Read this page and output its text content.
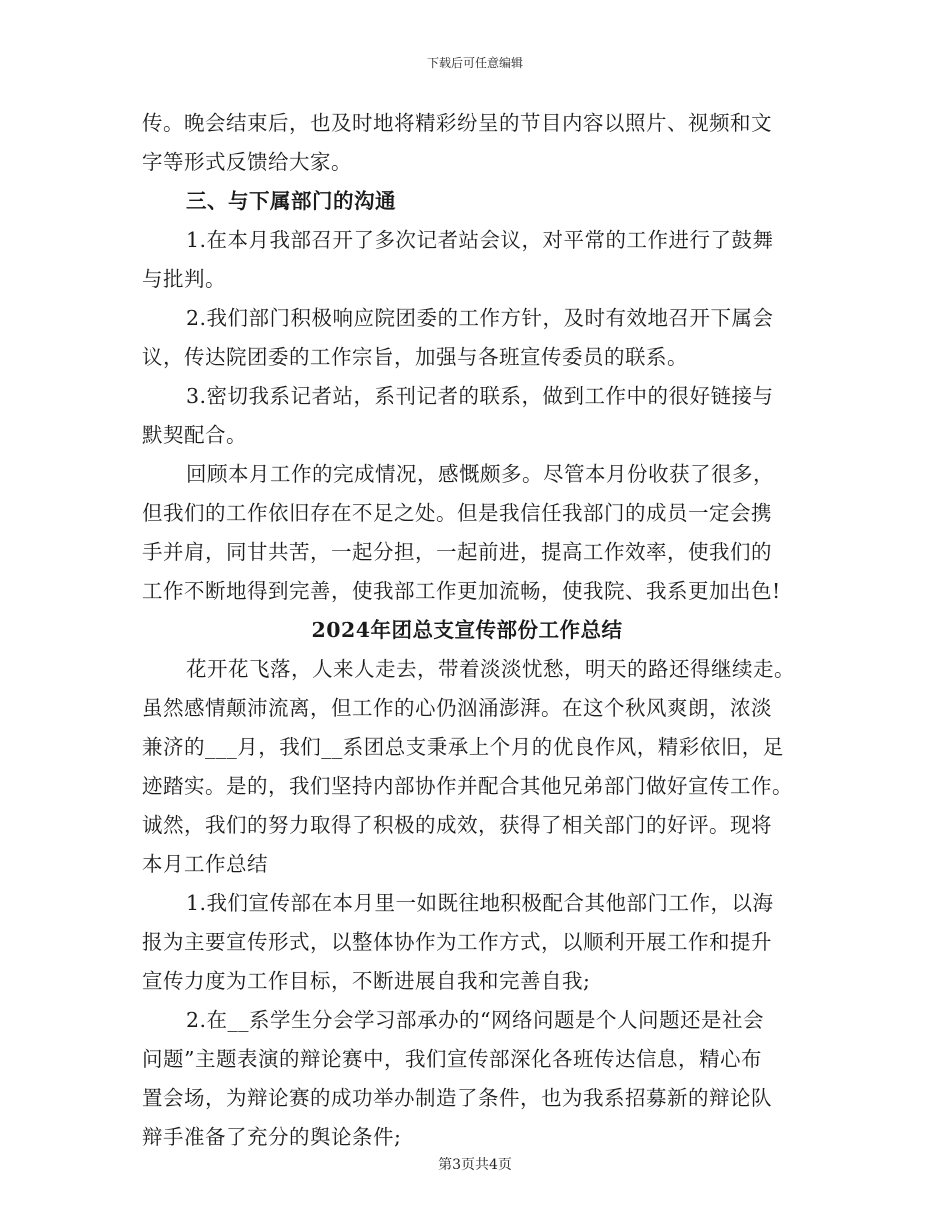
下载后可任意编辑
传。晚会结束后，也及时地将精彩纷呈的节目内容以照片、视频和文
字等形式反馈给大家。
三、与下属部门的沟通
1.在本月我部召开了多次记者站会议，对平常的工作进行了鼓舞
与批判。
2.我们部门积极响应院团委的工作方针，及时有效地召开下属会
议，传达院团委的工作宗旨，加强与各班宣传委员的联系。
3.密切我系记者站，系刊记者的联系，做到工作中的很好链接与
默契配合。
回顾本月工作的完成情况，感慨颇多。尽管本月份收获了很多，
但我们的工作依旧存在不足之处。但是我信任我部门的成员一定会携
手并肩，同甘共苦，一起分担，一起前进，提高工作效率，使我们的
工作不断地得到完善，使我部工作更加流畅，使我院、我系更加出色!
2024年团总支宣传部份工作总结
花开花飞落，人来人走去，带着淡淡忧愁，明天的路还得继续走。
虽然感情颠沛流离，但工作的心仍汹涌澎湃。在这个秋风爽朗，浓淡
兼济的___月，我们__系团总支秉承上个月的优良作风，精彩依旧，足
迹踏实。是的，我们坚持内部协作并配合其他兄弟部门做好宣传工作。
诚然，我们的努力取得了积极的成效，获得了相关部门的好评。现将
本月工作总结
1.我们宣传部在本月里一如既往地积极配合其他部门工作，以海
报为主要宣传形式，以整体协作为工作方式，以顺利开展工作和提升
宣传力度为工作目标，不断进展自我和完善自我;
2.在__系学生分会学习部承办的“网络问题是个人问题还是社会
问题”主题表演的辩论赛中，我们宣传部深化各班传达信息，精心布
置会场，为辩论赛的成功举办制造了条件，也为我系招募新的辩论队
辩手准备了充分的舆论条件;
第3页共4页
